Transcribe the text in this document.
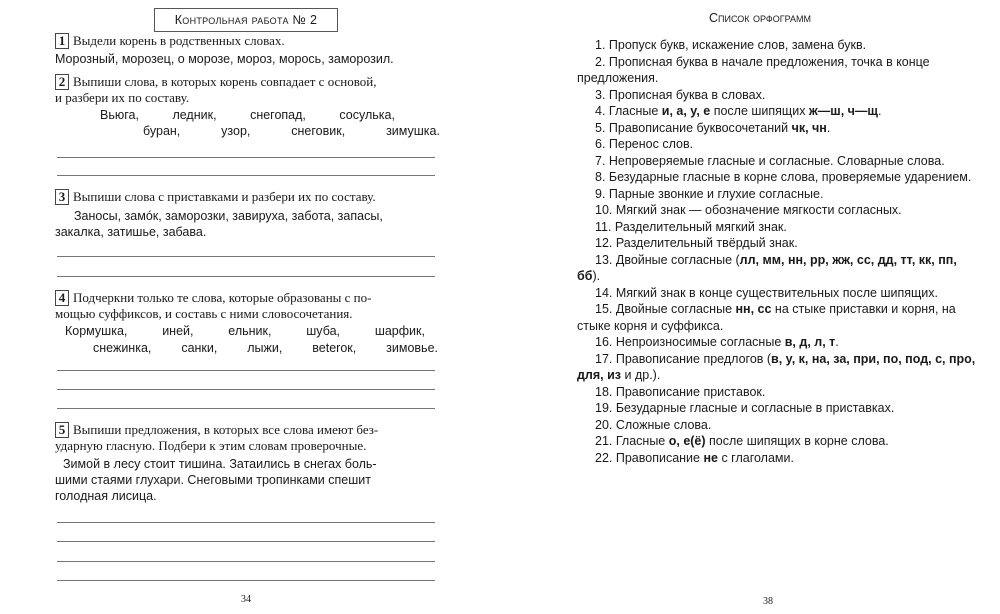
Контрольная работа № 2
1 Выдели корень в родственных словах.
Морозный, морозец, о морозе, мороз, морось, заморозил.
2 Выпиши слова, в которых корень совпадает с основой,
и разбери их по составу.
Вьюга,	ледник,	снегопад,	сосулька,
буран,	узор,	снеговик,	зимушка.
3 Выпиши слова с приставками и разбери их по составу.
Заносы, замóк, заморозки, завируха, забота, запасы,
закалка, затишье, забава.
4 Подчеркни только те слова, которые образованы с по-
мощью суффиксов, и составь с ними словосочетания.
Кормушка,	иней,	ельник,	шуба,	шарфик,
снежинка, санки, лыжи, веterок, зимовье.
5 Выпиши предложения, в которых все слова имеют без-
ударную гласную. Подбери к этим словам проверочные.
Зимой в лесу стоит тишина. Затаились в снегах боль-
шими стаями глухари. Снеговыми тропинками спешит
голодная лисица.
34
Список орфограмм
1. Пропуск букв, искажение слов, замена букв.
2. Прописная буква в начале предложения, точка в конце предложения.
3. Прописная буква в словах.
4. Гласные и, а, у, е после шипящих ж—ш, ч—щ.
5. Правописание буквосочетаний чк, чн.
6. Перенос слов.
7. Непроверяемые гласные и согласные. Словарные слова.
8. Безударные гласные в корне слова, проверяемые ударением.
9. Парные звонкие и глухие согласные.
10. Мягкий знак — обозначение мягкости согласных.
11. Разделительный мягкий знак.
12. Разделительный твёрдый знак.
13. Двойные согласные (лл, мм, нн, рр, жж, сс, дд, тт, кк, пп, бб).
14. Мягкий знак в конце существительных после шипящих.
15. Двойные согласные нн, сс на стыке приставки и корня, на стыке корня и суффикса.
16. Непроизносимые согласные в, д, л, т.
17. Правописание предлогов (в, у, к, на, за, при, по, под, с, про, для, из и др.).
18. Правописание приставок.
19. Безударные гласные и согласные в приставках.
20. Сложные слова.
21. Гласные о, е(ё) после шипящих в корне слова.
22. Правописание не с глаголами.
38
